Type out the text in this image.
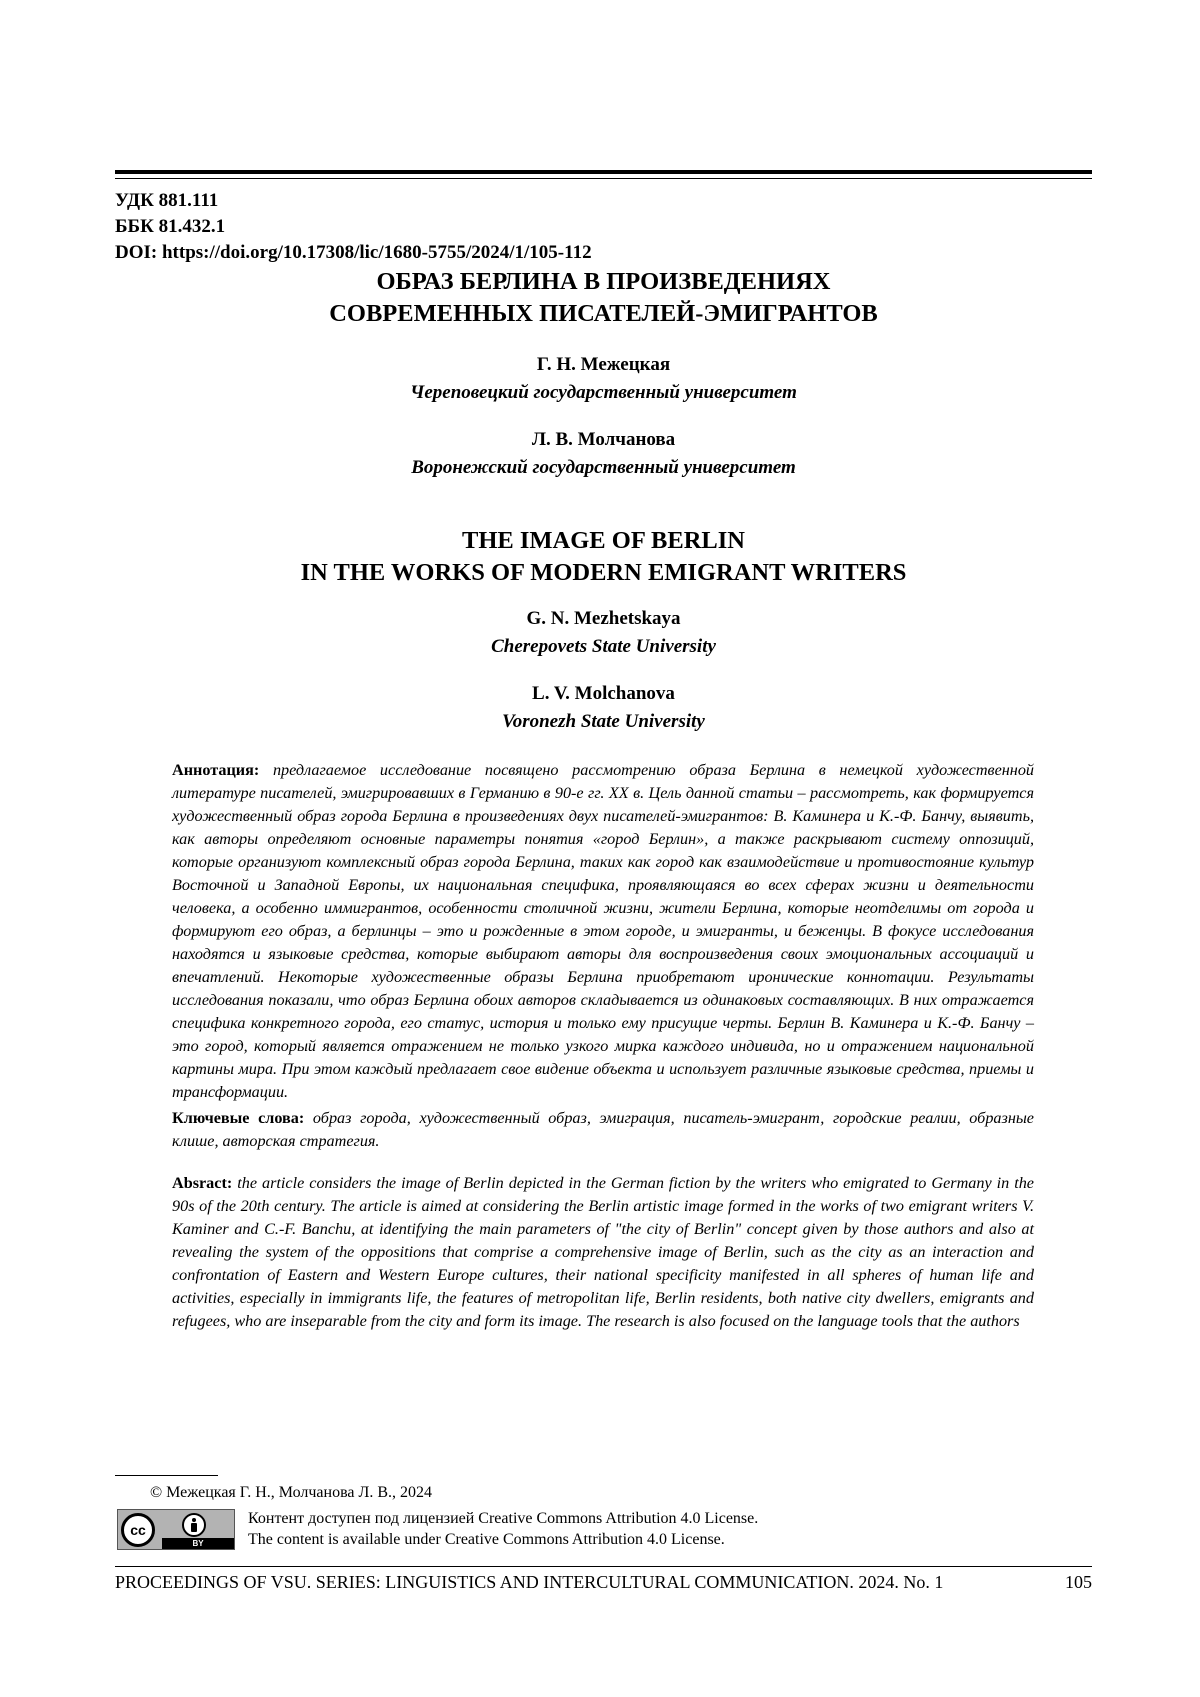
УДК 881.111
ББК 81.432.1
DOI: https://doi.org/10.17308/lic/1680-5755/2024/1/105-112
ОБРАЗ БЕРЛИНА В ПРОИЗВЕДЕНИЯХ
СОВРЕМЕННЫХ ПИСАТЕЛЕЙ-ЭМИГРАНТОВ
Г. Н. Межецкая
Череповецкий государственный университет
Л. В. Молчанова
Воронежский государственный университет
THE IMAGE OF BERLIN
IN THE WORKS OF MODERN EMIGRANT WRITERS
G. N. Mezhetskaya
Cherepovets State University
L. V. Molchanova
Voronezh State University
Аннотация: предлагаемое исследование посвящено рассмотрению образа Берлина в немецкой художественной литературе писателей, эмигрировавших в Германию в 90-е гг. XX в. Цель данной статьи – рассмотреть, как формируется художественный образ города Берлина в произведениях двух писателей-эмигрантов: В. Каминера и К.-Ф. Банчу, выявить, как авторы определяют основные параметры понятия «город Берлин», а также раскрывают систему оппозиций, которые организуют комплексный образ города Берлина, таких как город как взаимодействие и противостояние культур Восточной и Западной Европы, их национальная специфика, проявляющаяся во всех сферах жизни и деятельности человека, а особенно иммигрантов, особенности столичной жизни, жители Берлина, которые неотделимы от города и формируют его образ, а берлинцы – это и рожденные в этом городе, и эмигранты, и беженцы. В фокусе исследования находятся и языковые средства, которые выбирают авторы для воспроизведения своих эмоциональных ассоциаций и впечатлений. Некоторые художественные образы Берлина приобретают иронические коннотации. Результаты исследования показали, что образ Берлина обоих авторов складывается из одинаковых составляющих. В них отражается специфика конкретного города, его статус, история и только ему присущие черты. Берлин В. Каминера и К.-Ф. Банчу – это город, который является отражением не только узкого мирка каждого индивида, но и отражением национальной картины мира. При этом каждый предлагает свое видение объекта и использует различные языковые средства, приемы и трансформации.
Ключевые слова: образ города, художественный образ, эмиграция, писатель-эмигрант, городские реалии, образные клише, авторская стратегия.
Absract: the article considers the image of Berlin depicted in the German fiction by the writers who emigrated to Germany in the 90s of the 20th century. The article is aimed at considering the Berlin artistic image formed in the works of two emigrant writers V. Kaminer and C.-F. Banchu, at identifying the main parameters of "the city of Berlin" concept given by those authors and also at revealing the system of the oppositions that comprise a comprehensive image of Berlin, such as the city as an interaction and confrontation of Eastern and Western Europe cultures, their national specificity manifested in all spheres of human life and activities, especially in immigrants life, the features of metropolitan life, Berlin residents, both native city dwellers, emigrants and refugees, who are inseparable from the city and form its image. The research is also focused on the language tools that the authors
© Межецкая Г. Н., Молчанова Л. В., 2024
cc
BY
Контент доступен под лицензией Creative Commons Attribution 4.0 License.
The content is available under Creative Commons Attribution 4.0 License.
PROCEEDINGS OF VSU. SERIES: LINGUISTICS AND INTERCULTURAL COMMUNICATION. 2024. No. 1	105
